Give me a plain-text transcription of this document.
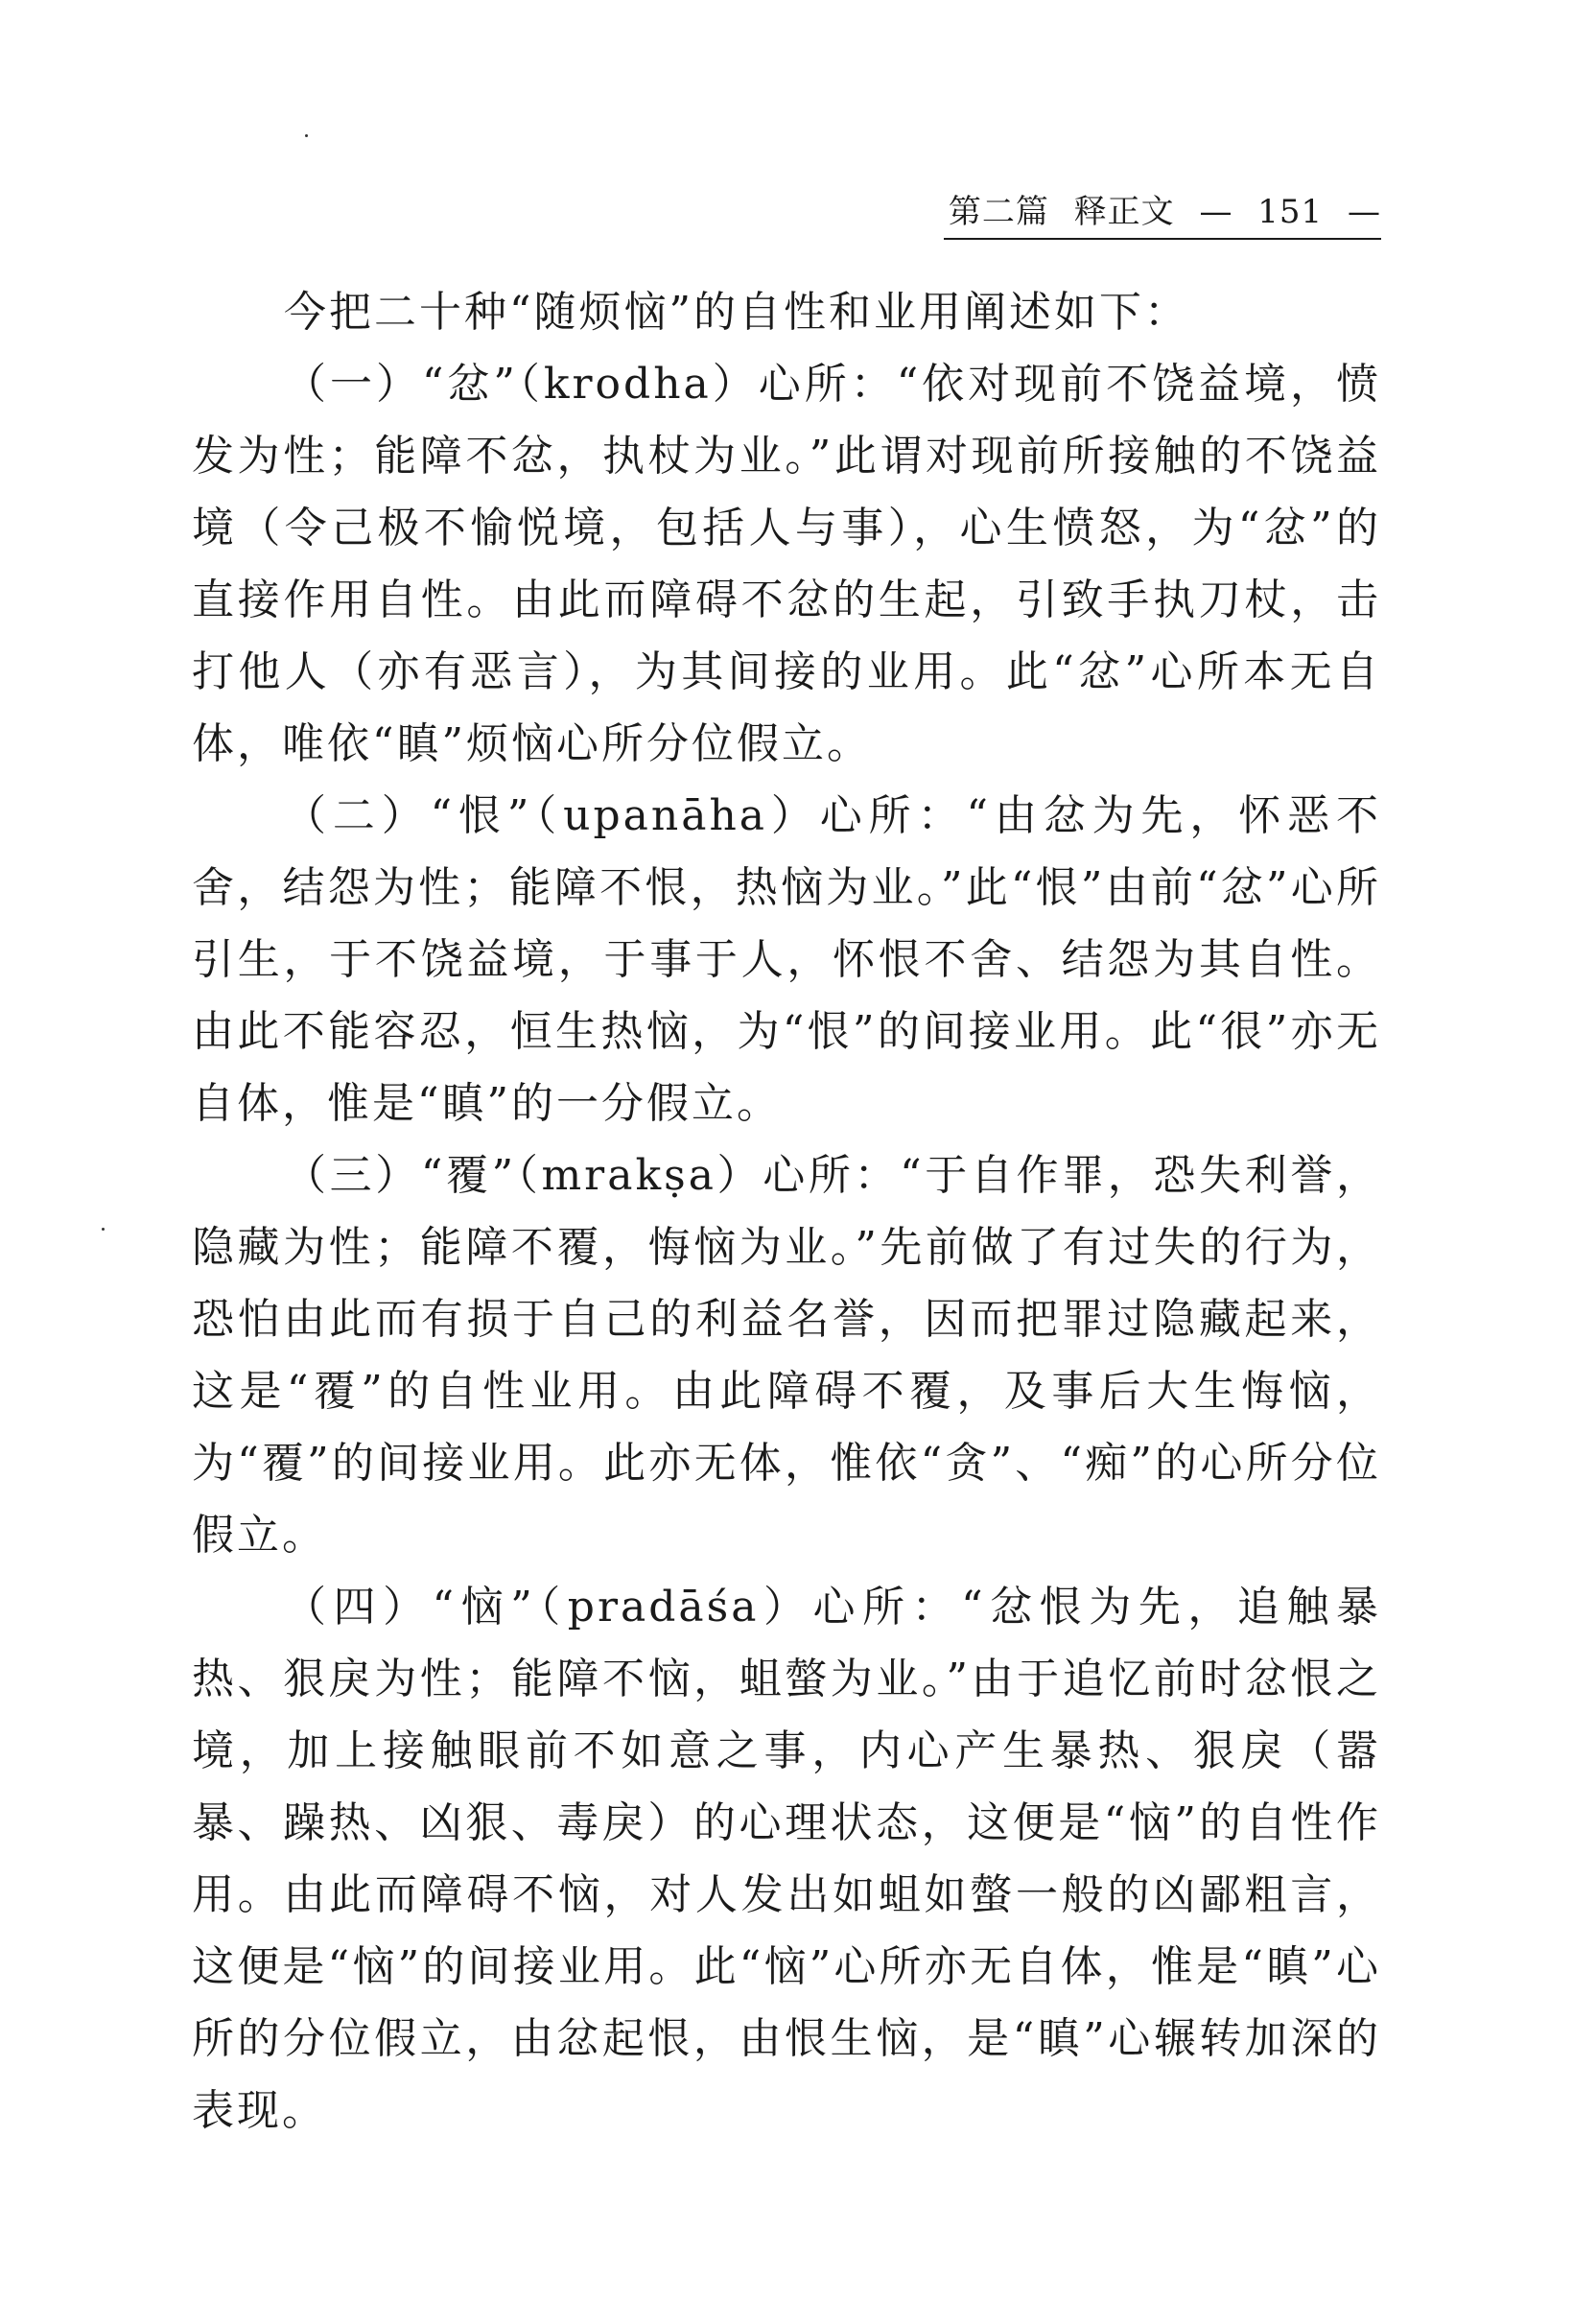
第二篇 释正文 — 151 —

今把二十种“随烦恼”的自性和业用阐述如下：

（一）“忿”（krodha）心所：“依对现前不饶益境，愤发为性；能障不忿，执杖为业。”此谓对现前所接触的不饶益境（令己极不愉悦境，包括人与事），心生愤怒，为“忿”的直接作用自性。由此而障碍不忿的生起，引致手执刀杖，击打他人（亦有恶言），为其间接的业用。此“忿”心所本无自体，唯依“瞋”烦恼心所分位假立。

（二）“恨”（upanāha）心所：“由忿为先，怀恶不舍，结怨为性；能障不恨，热恼为业。”此“恨”由前“忿”心所引生，于不饶益境，于事于人，怀恨不舍、结怨为其自性。由此不能容忍，恒生热恼，为“恨”的间接业用。此“很”亦无自体，惟是“瞋”的一分假立。

（三）“覆”（mrakṣa）心所：“于自作罪，恐失利誉，隐藏为性；能障不覆，悔恼为业。”先前做了有过失的行为，恐怕由此而有损于自己的利益名誉，因而把罪过隐藏起来，这是“覆”的自性业用。由此障碍不覆，及事后大生悔恼，为“覆”的间接业用。此亦无体，惟依“贪”、“痴”的心所分位假立。

（四）“恼”（pradāśa）心所：“忿恨为先，追触暴热、狠戾为性；能障不恼，蛆螫为业。”由于追忆前时忿恨之境，加上接触眼前不如意之事，内心产生暴热、狠戾（嚣暴、躁热、凶狠、毒戾）的心理状态，这便是“恼”的自性作用。由此而障碍不恼，对人发出如蛆如螫一般的凶鄙粗言，这便是“恼”的间接业用。此“恼”心所亦无自体，惟是“瞋”心所的分位假立，由忿起恨，由恨生恼，是“瞋”心辗转加深的表现。
